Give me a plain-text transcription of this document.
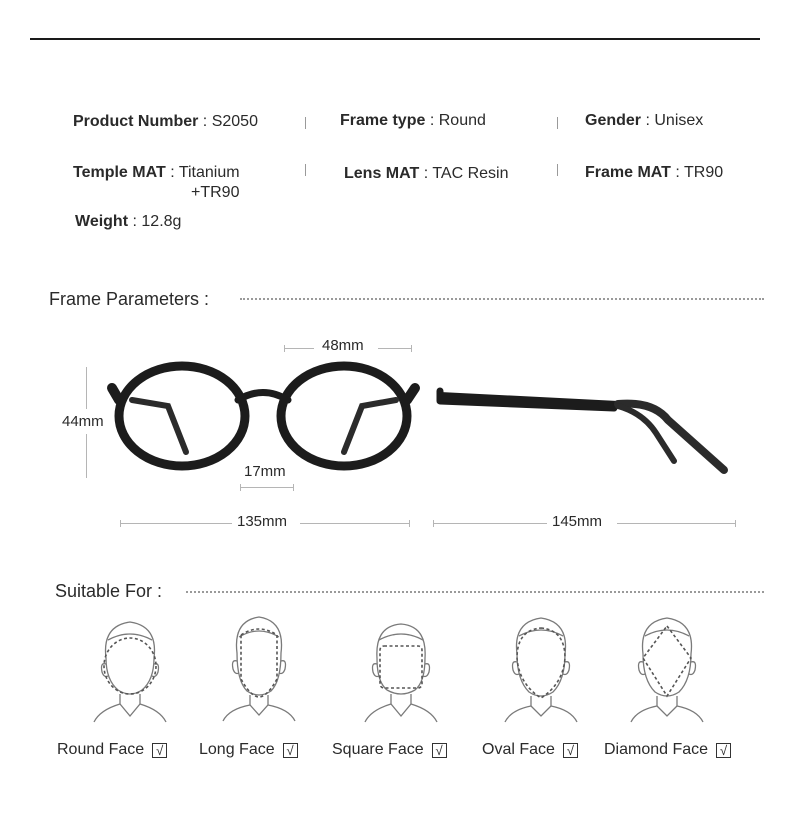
Product Number : S2050	Frame type : Round	Gender : Unisex
Temple MAT : Titanium
+TR90
Lens MAT : TAC Resin	Frame MAT : TR90
Weight : 12.8g
Frame Parameters :
48mm
44mm
17mm
135mm	145mm
Suitable For :
Round Face √ Long Face √ Square Face √ Oval Face √ Diamond Face √
